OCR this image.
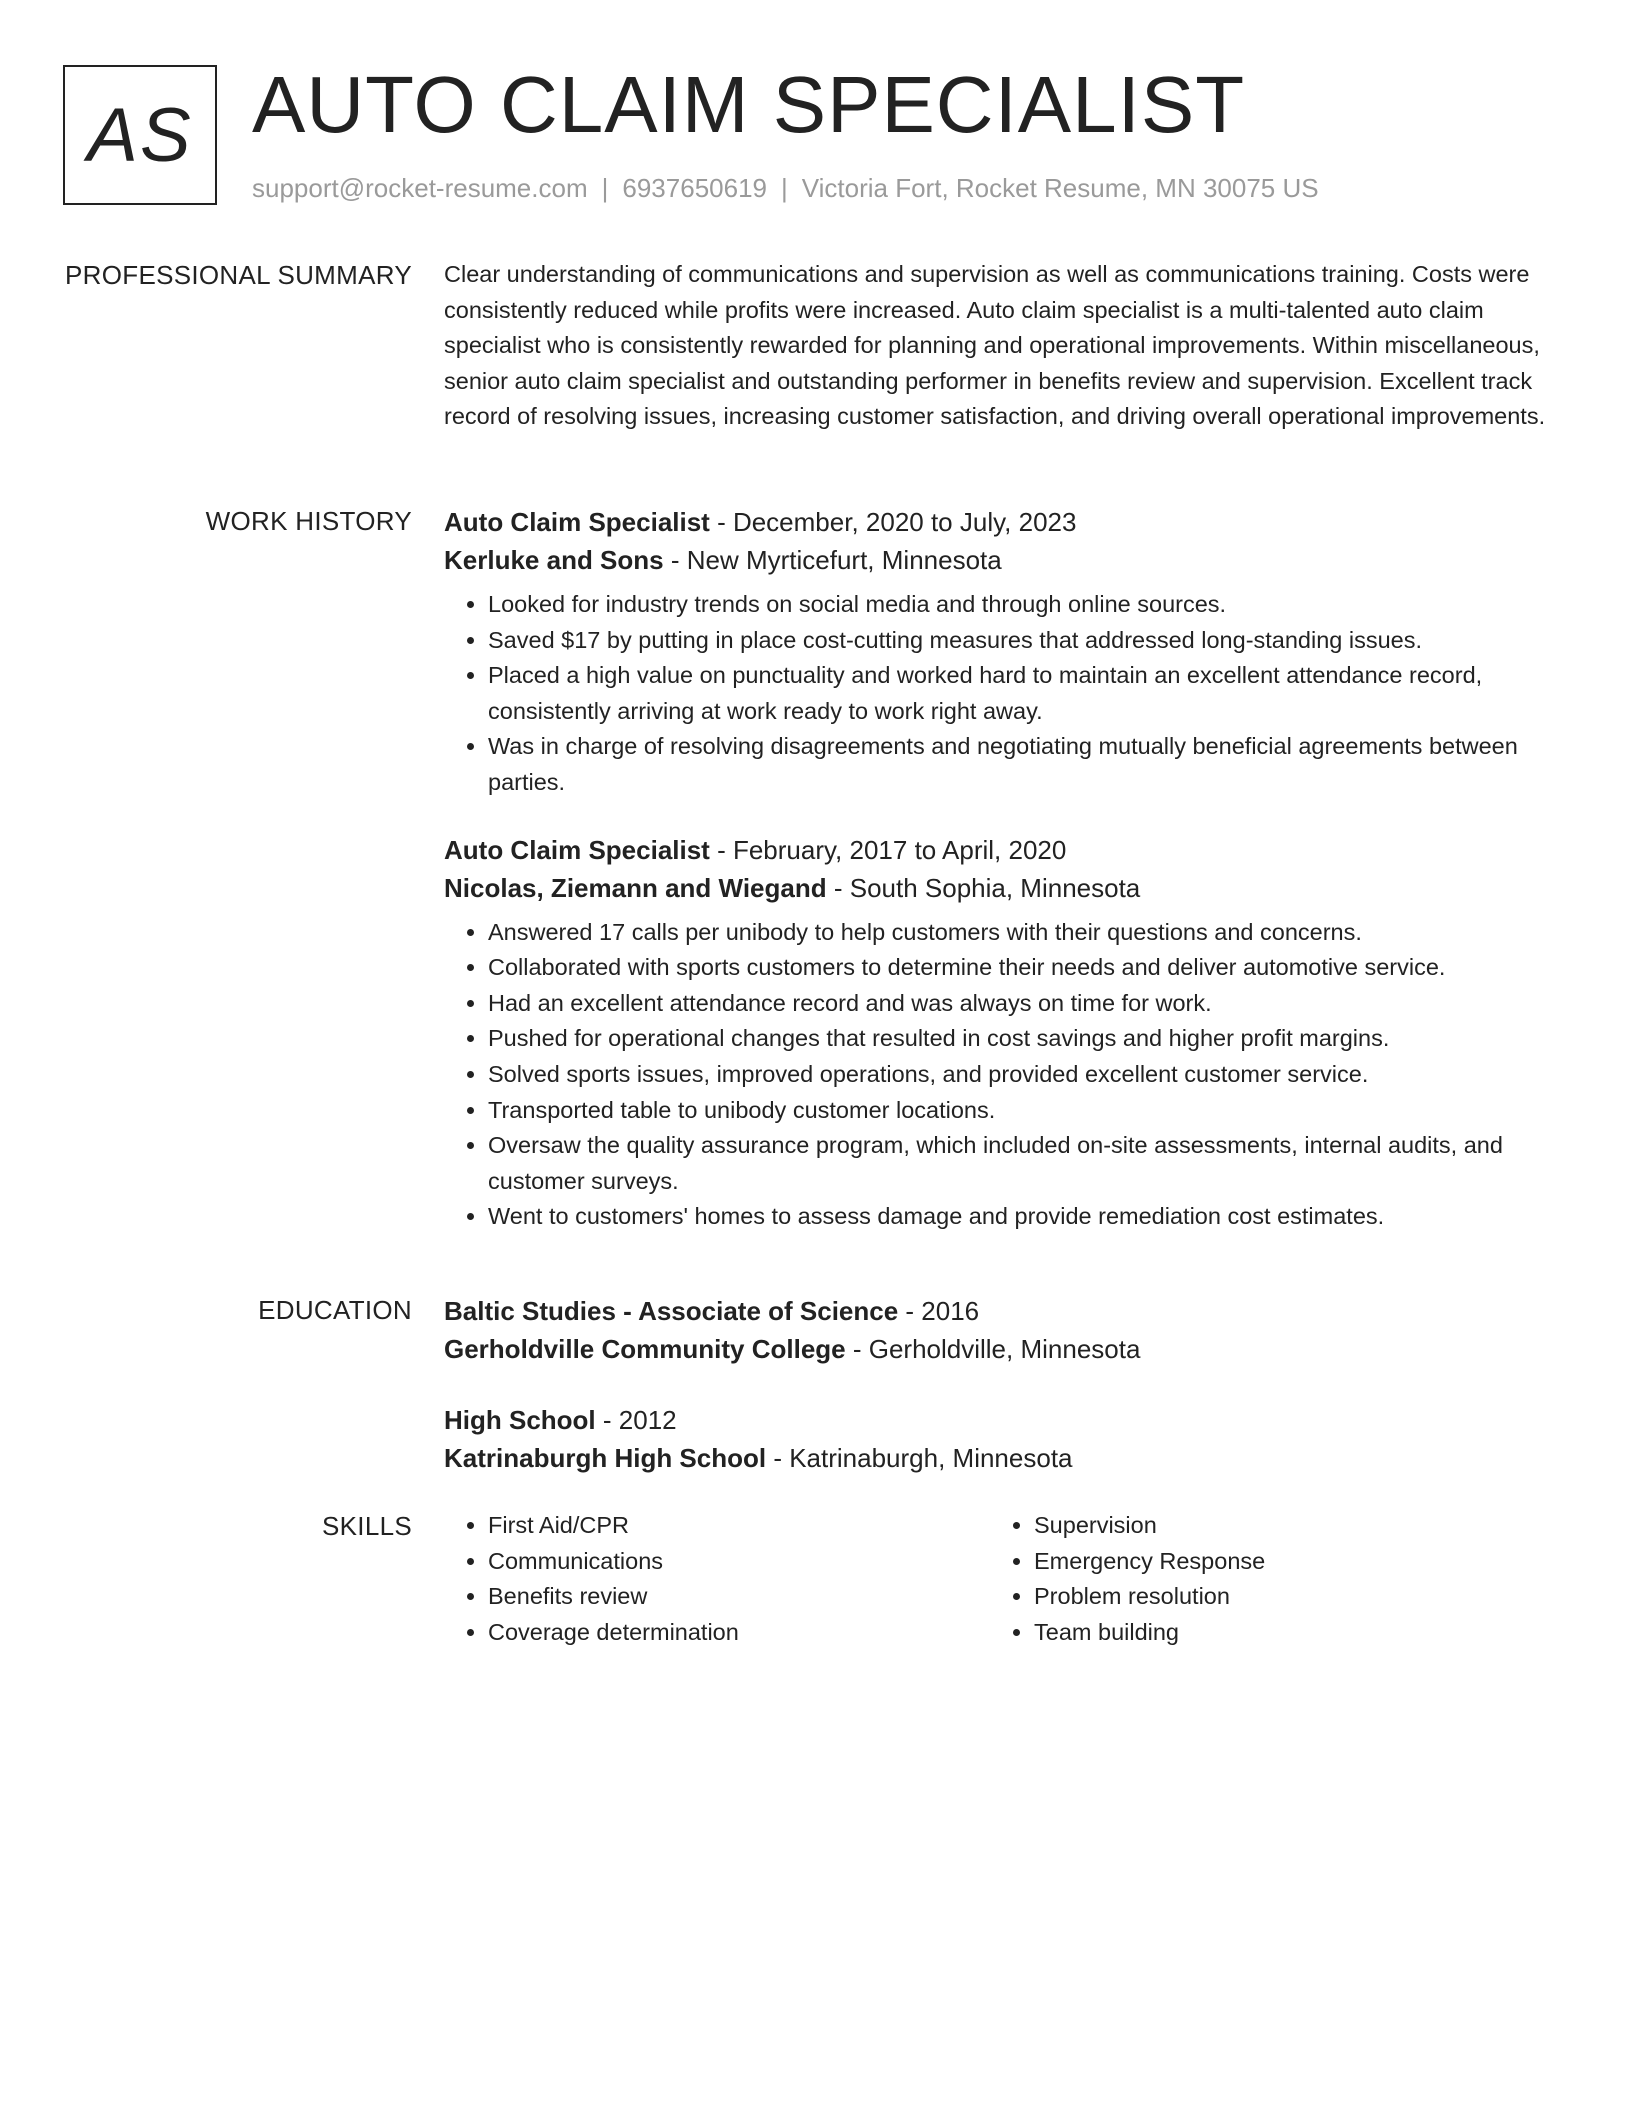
AS AUTO CLAIM SPECIALIST
support@rocket-resume.com | 6937650619 | Victoria Fort, Rocket Resume, MN 30075 US
PROFESSIONAL SUMMARY Clear understanding of communications and supervision as well as communications training. Costs were consistently reduced while profits were increased. Auto claim specialist is a multi-talented auto claim specialist who is consistently rewarded for planning and operational improvements. Within miscellaneous, senior auto claim specialist and outstanding performer in benefits review and supervision. Excellent track record of resolving issues, increasing customer satisfaction, and driving overall operational improvements.

WORK HISTORY Auto Claim Specialist - December, 2020 to July, 2023

Kerluke and Sons - New Myrticefurt, Minnesota

• Looked for industry trends on social media and through online sources.
• Saved $17 by putting in place cost-cutting measures that addressed long-standing issues.
• Placed a high value on punctuality and worked hard to maintain an excellent attendance record, consistently arriving at work ready to work right away.
• Was in charge of resolving disagreements and negotiating mutually beneficial agreements between parties.

Auto Claim Specialist - February, 2017 to April, 2020

Nicolas, Ziemann and Wiegand - South Sophia, Minnesota

• Answered 17 calls per unibody to help customers with their questions and concerns.
• Collaborated with sports customers to determine their needs and deliver automotive service.
• Had an excellent attendance record and was always on time for work.
• Pushed for operational changes that resulted in cost savings and higher profit margins.
• Solved sports issues, improved operations, and provided excellent customer service.
• Transported table to unibody customer locations.
• Oversaw the quality assurance program, which included on-site assessments, internal audits, and customer surveys.
• Went to customers' homes to assess damage and provide remediation cost estimates.
EDUCATION Baltic Studies - Associate of Science - 2016

Gerholdville Community College - Gerholdville, Minnesota

High School - 2012

Katrinaburgh High School - Katrinaburgh, Minnesota

SKILLS
•	First Aid/CPR
• Communications
• Benefits review
• Coverage determination
• Supervision
• Emergency Response
• Problem resolution
• Team building
